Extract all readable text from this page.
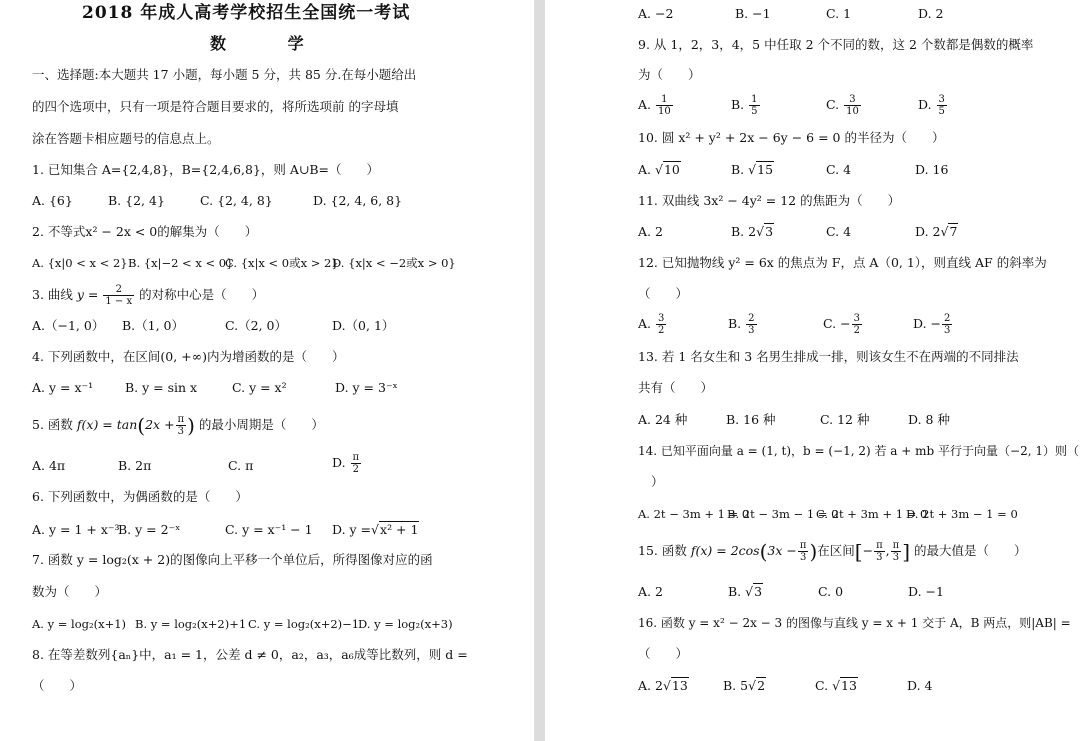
2018 年成人高考学校招生全国统一考试
数 学
一、选择题:本大题共 17 小题，每小题 5 分，共 85 分.在每小题给出
的四个选项中，只有一项是符合题目要求的，将所选项前 的字母填
涂在答题卡相应题号的信息点上。
1. 已知集合 A={2,4,8}，B={2,4,6,8}，则 A∪B=（　　）
A. {6}	B. {2, 4}	C. {2, 4, 8}	D. {2, 4, 6, 8}
2. 不等式x² − 2x < 0的解集为（　　）
A. {x|0 < x < 2} B. {x|−2 < x < 0}
C. {x|x < 0或x > 2}
D. {x|x < −2或x > 0}
3. 曲线 $y = \frac{2}{1 - x}$ 的对称中心是（　　）
A.（−1, 0） B.（1, 0）	C.（2, 0）	D.（0, 1）
4. 下列函数中，在区间(0, +∞)内为增函数的是（　　）
A. y = x⁻¹	B. y = sin x	C. y = x²	D. y = 3⁻ˣ
5. 函数 $f(x) = \tan(2x + \frac{\pi}{3}$ ) 的最小周期是（　　）
A. 4π	B. 2π	C. π	D. $\frac{\pi}{2}$
6. 下列函数中，为偶函数的是（　　）
A. y = 1 + x⁻³
B. y = 2⁻ˣ	C. y = x⁻¹ − 1 D. y =√x² + 1
7. 函数 y = log₂(x + 2)的图像向上平移一个单位后，所得图像对应的函
数为（　　）
A. y = log₂(x+1) B. y = log₂(x+2)+1 C. y = log₂(x+2)−1
D. y = log₂(x+3)
8. 在等差数列{aₙ}中，a₁ = 1，公差 d ≠ 0，a₂，a₃，a₆成等比数列，则 d =
（　　）
A. −2	B. −1	C. 1	D. 2
9. 从 1，2，3，4，5 中任取 2 个不同的数，这 2 个数都是偶数的概率
为（　　）
A. $\frac{1}{10}$	B. $\frac{1}{5}$	C. $\frac{3}{10}$	D. $\frac{3}{5}$
10. 圆 x² + y² + 2x − 6y − 6 = 0 的半径为（　　）
A. √10	B. √15	C. 4	D. 16
11. 双曲线 3x² − 4y² = 12 的焦距为（　　）
A. 2	B. 2√3	C. 4	D. 2√7
12. 已知抛物线 y² = 6x 的焦点为 F，点 A（0, 1），则直线 AF 的斜率为
（　　）
A. $\frac{3}{2}$	B. $\frac{2}{3}$	C. − $\frac{3}{2}$	D. − $\frac{2}{3}$
13. 若 1 名女生和 3 名男生排成一排，则该女生不在两端的不同排法
共有（　　）
A. 24 种	B. 16 种	C. 12 种	D. 8 种
14. 已知平面向量 a = (1, t)，b = (−1, 2) 若 a + mb 平行于向量（−2, 1）则（
）
A. 2t − 3m + 1 = 0
B. 2t − 3m − 1 = 0
C. 2t + 3m + 1 = 0
D. 2t + 3m − 1 = 0
15. 函数 $f(x) = 2\cos(3x - \frac{\pi}{3}$ )在区间[− $\frac{\pi}{3}$ , $\frac{\pi}{3}$ ] 的最大值是（　　）
A. 2	B. √3	C. 0	D. −1
16. 函数 y = x² − 2x − 3 的图像与直线 y = x + 1 交于 A，B 两点，则|AB| =
（　　）
A. 2√13	B. 5√2	C. √13	D. 4
